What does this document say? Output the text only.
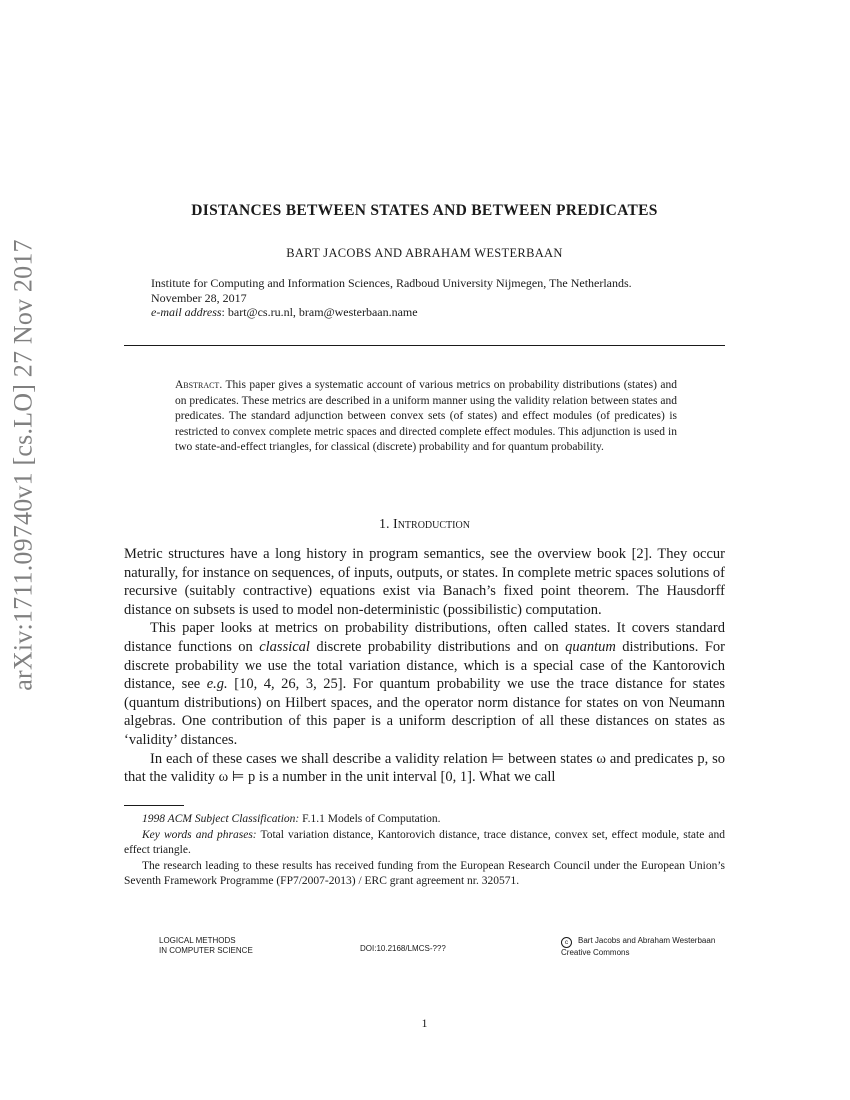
arXiv:1711.09740v1 [cs.LO] 27 Nov 2017
DISTANCES BETWEEN STATES AND BETWEEN PREDICATES
BART JACOBS AND ABRAHAM WESTERBAAN

Institute for Computing and Information Sciences, Radboud University Nijmegen, The Netherlands.

November 28, 2017

e-mail address: bart@cs.ru.nl, bram@westerbaan.name

Abstract. This paper gives a systematic account of various metrics on probability distributions (states) and on predicates. These metrics are described in a uniform manner using the validity relation between states and predicates. The standard adjunction between convex sets (of states) and effect modules (of predicates) is restricted to convex complete metric spaces and directed complete effect modules. This adjunction is used in two state-and-effect triangles, for classical (discrete) probability and for quantum probability.
1. Introduction

Metric structures have a long history in program semantics, see the overview book [2]. They occur naturally, for instance on sequences, of inputs, outputs, or states. In complete metric spaces solutions of recursive (suitably contractive) equations exist via Banach’s fixed point theorem. The Hausdorff distance on subsets is used to model non-deterministic (possibilistic) computation.

This paper looks at metrics on probability distributions, often called states. It covers standard distance functions on classical discrete probability distributions and on quantum distributions. For discrete probability we use the total variation distance, which is a special case of the Kantorovich distance, see e.g. [10, 4, 26, 3, 25]. For quantum probability we use the trace distance for states (quantum distributions) on Hilbert spaces, and the operator norm distance for states on von Neumann algebras. One contribution of this paper is a uniform description of all these distances on states as ‘validity’ distances.

In each of these cases we shall describe a validity relation ⊨ between states ω and predicates p, so that the validity ω ⊨ p is a number in the unit interval [0, 1]. What we call

1998 ACM Subject Classification: F.1.1 Models of Computation.

Key words and phrases: Total variation distance, Kantorovich distance, trace distance, convex set, effect module, state and effect triangle.

The research leading to these results has received funding from the European Research Council under the European Union’s Seventh Framework Programme (FP7/2007-2013) / ERC grant agreement nr. 320571.

LOGICAL METHODS
IN COMPUTER SCIENCE	DOI:10.2168/LMCS-???
c Bart Jacobs and Abraham Westerbaan
Creative Commons
1
